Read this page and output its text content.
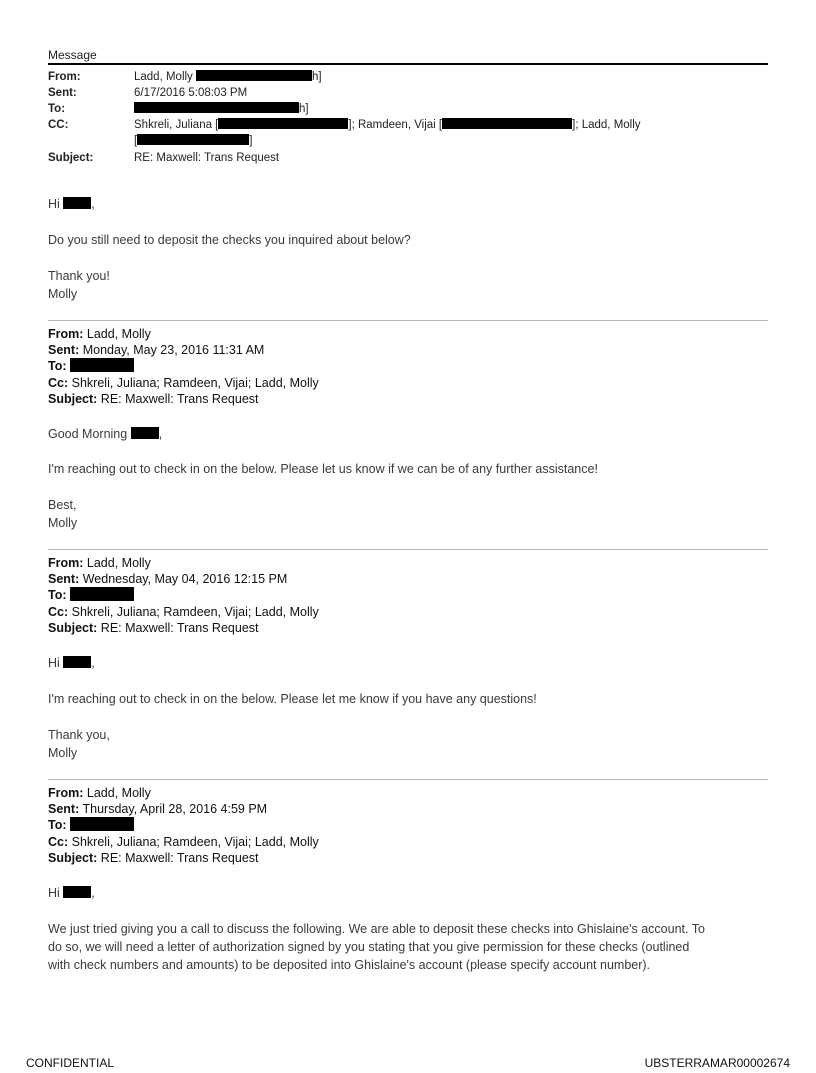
Message
From:	Ladd, Molly	h]
Sent:	6/17/2016 5:08:03 PM
To:	h]
CC:	Shkreli, Juliana [	]; Ramdeen, Vijai [	]; Ladd, Molly
[	]
Subject:	RE: Maxwell: Trans Request
Hi	,
Do you still need to deposit the checks you inquired about below?
Thank you!
Molly
From: Ladd, Molly
Sent: Monday, May 23, 2016 11:31 AM
To:
Cc: Shkreli, Juliana; Ramdeen, Vijai; Ladd, Molly
Subject: RE: Maxwell: Trans Request
Good Morning	,
I'm reaching out to check in on the below. Please let us know if we can be of any further assistance!
Best,
Molly
From: Ladd, Molly
Sent: Wednesday, May 04, 2016 12:15 PM
To:
Cc: Shkreli, Juliana; Ramdeen, Vijai; Ladd, Molly
Subject: RE: Maxwell: Trans Request
Hi	,
I'm reaching out to check in on the below. Please let me know if you have any questions!
Thank you,
Molly
From: Ladd, Molly
Sent: Thursday, April 28, 2016 4:59 PM
To:
Cc: Shkreli, Juliana; Ramdeen, Vijai; Ladd, Molly
Subject: RE: Maxwell: Trans Request
Hi	,
We just tried giving you a call to discuss the following. We are able to deposit these checks into Ghislaine's account. To
do so, we will need a letter of authorization signed by you stating that you give permission for these checks (outlined
with check numbers and amounts) to be deposited into Ghislaine's account (please specify account number).
CONFIDENTIAL	UBSTERRAMAR00002674
